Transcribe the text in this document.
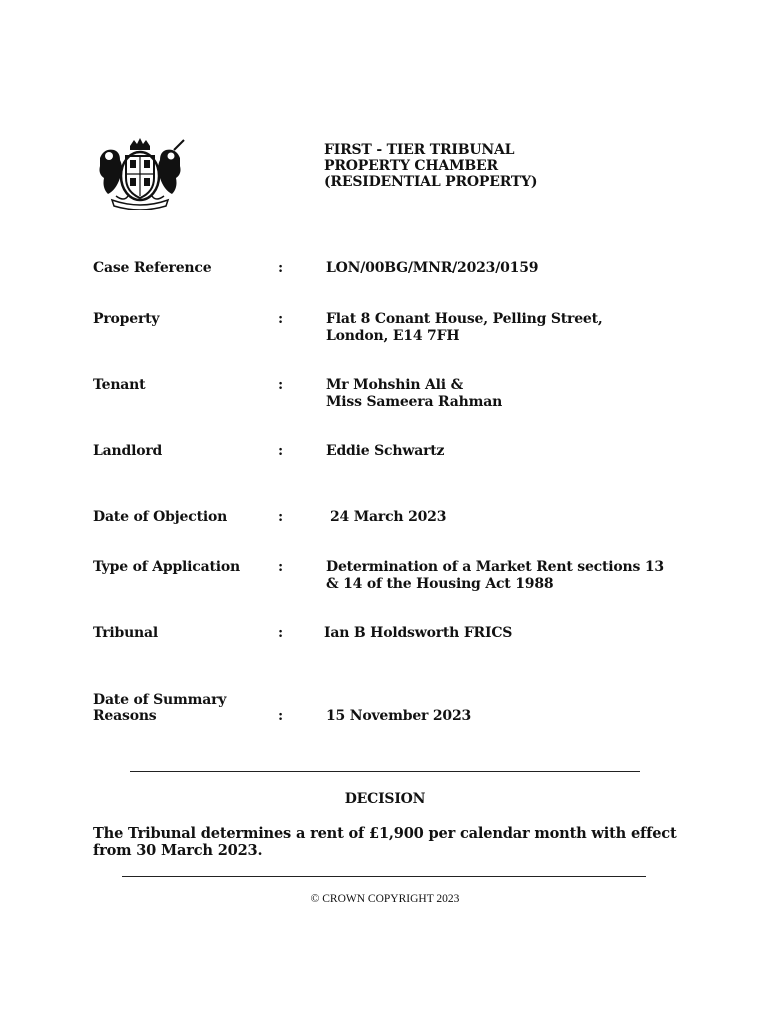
FIRST - TIER TRIBUNAL
PROPERTY CHAMBER
(RESIDENTIAL PROPERTY)
Case Reference	:	LON/00BG/MNR/2023/0159
Property	:	Flat 8 Conant House, Pelling Street,
London, E14 7FH
Tenant	:	Mr Mohshin Ali &
Miss Sameera Rahman
Landlord	:	Eddie Schwartz
Date of Objection	:	24 March 2023
Type of Application	:	Determination of a Market Rent sections 13
& 14 of the Housing Act 1988
Tribunal	:	Ian B Holdsworth FRICS
Date of Summary
Reasons	:	15 November 2023
DECISION
The Tribunal determines a rent of £1,900 per calendar month with effect from 30 March 2023.
© CROWN COPYRIGHT 2023
